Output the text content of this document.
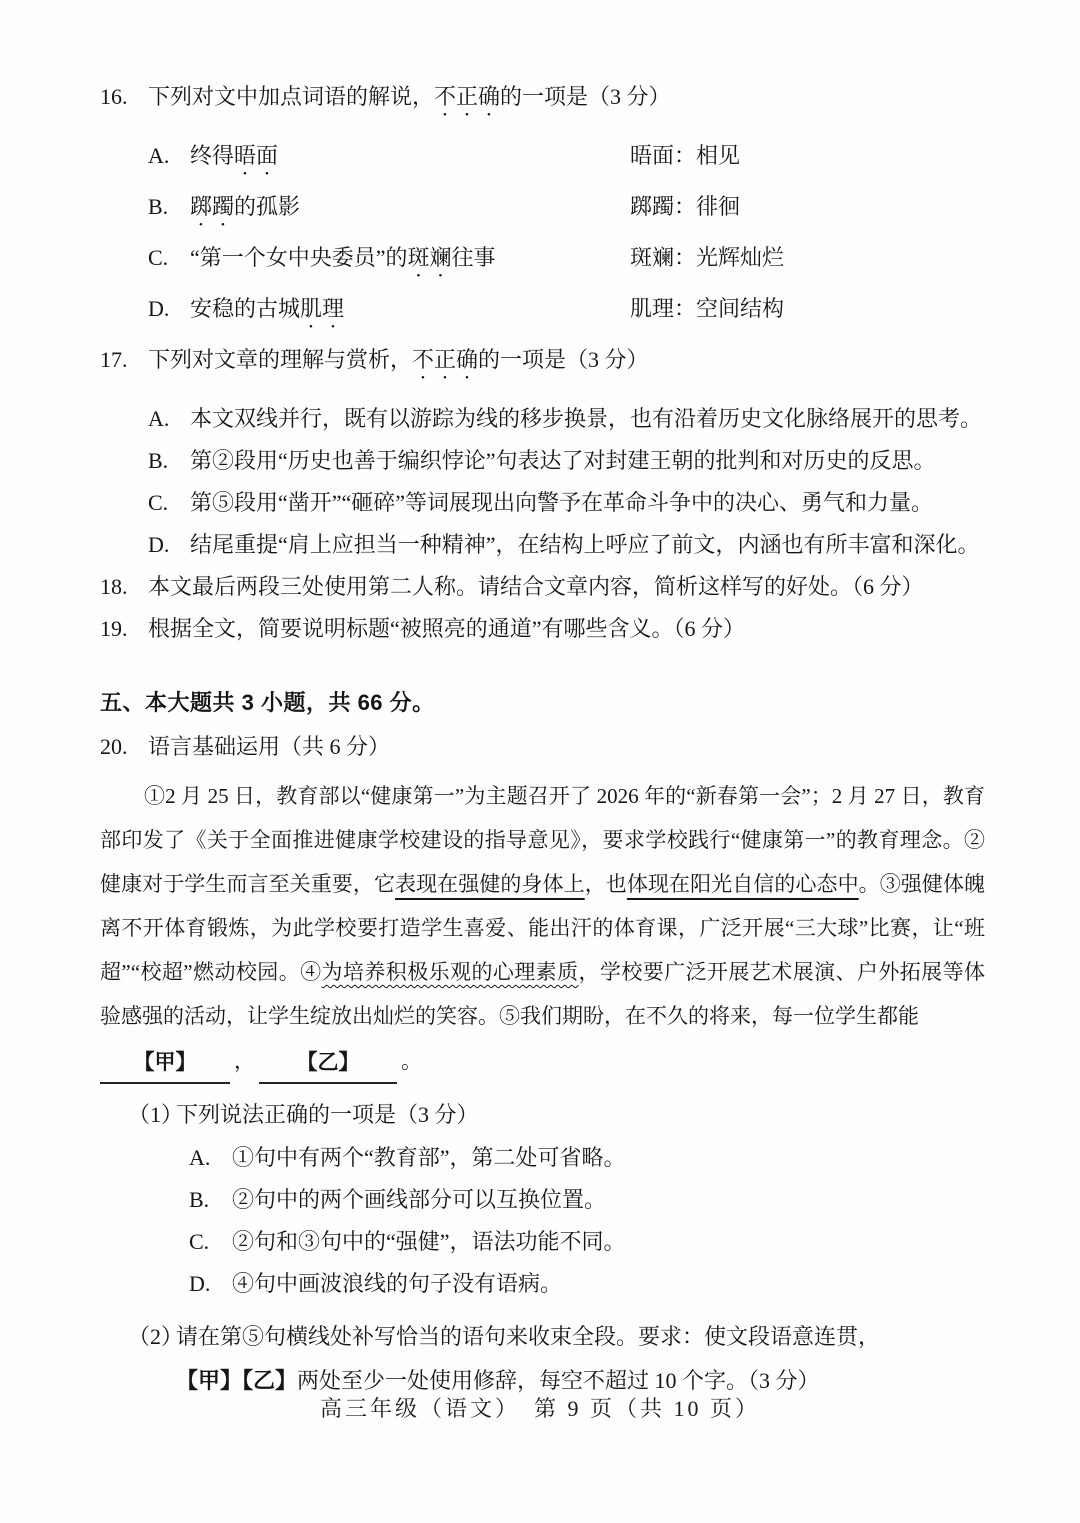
16. 下列对文中加点词语的解说，不正确的一项是（3 分）
A. 终得晤面	晤面：相见
B. 踯躅的孤影	踯躅：徘徊
C. “第一个女中央委员”的斑斓往事	斑斓：光辉灿烂
D. 安稳的古城肌理	肌理：空间结构
17. 下列对文章的理解与赏析，不正确的一项是（3 分）
A. 本文双线并行，既有以游踪为线的移步换景，也有沿着历史文化脉络展开的思考。
B. 第②段用“历史也善于编织悖论”句表达了对封建王朝的批判和对历史的反思。
C. 第⑤段用“凿开”“砸碎”等词展现出向警予在革命斗争中的决心、勇气和力量。
D. 结尾重提“肩上应担当一种精神”，在结构上呼应了前文，内涵也有所丰富和深化。
18. 本文最后两段三处使用第二人称。请结合文章内容，简析这样写的好处。（6 分）
19. 根据全文，简要说明标题“被照亮的通道”有哪些含义。（6 分）
五、本大题共 3 小题，共 66 分。
20. 语言基础运用（共 6 分）

①2 月 25 日，教育部以“健康第一”为主题召开了 2026 年的“新春第一会”；2 月 27 日，教育部印发了《关于全面推进健康学校建设的指导意见》，要求学校践行“健康第一”的教育理念。②健康对于学生而言至关重要，它表现在强健的身体上，也体现在阳光自信的心态中。③强健体魄离不开体育锻炼，为此学校要打造学生喜爱、能出汗的体育课，广泛开展“三大球”比赛，让“班超”“校超”燃动校园。④为培养积极乐观的心理素质，学校要广泛开展艺术展演、户外拓展等体验感强的活动，让学生绽放出灿烂的笑容。⑤我们期盼，在不久的将来，每一位学生都能

【甲】 ， 【乙】 。
（1）
下列说法正确的一项是（3 分）
A. ①句中有两个“教育部”，第二处可省略。
B. ②句中的两个画线部分可以互换位置。
C. ②句和③句中的“强健”，语法功能不同。
D. ④句中画波浪线的句子没有语病。
（2）
请在第⑤句横线处补写恰当的语句来收束全段。要求：使文段语意连贯，【甲】【乙】两处至少一处使用修辞，每空不超过 10 个字。（3 分）
高三年级（语文）　第 9 页（共 10 页）
